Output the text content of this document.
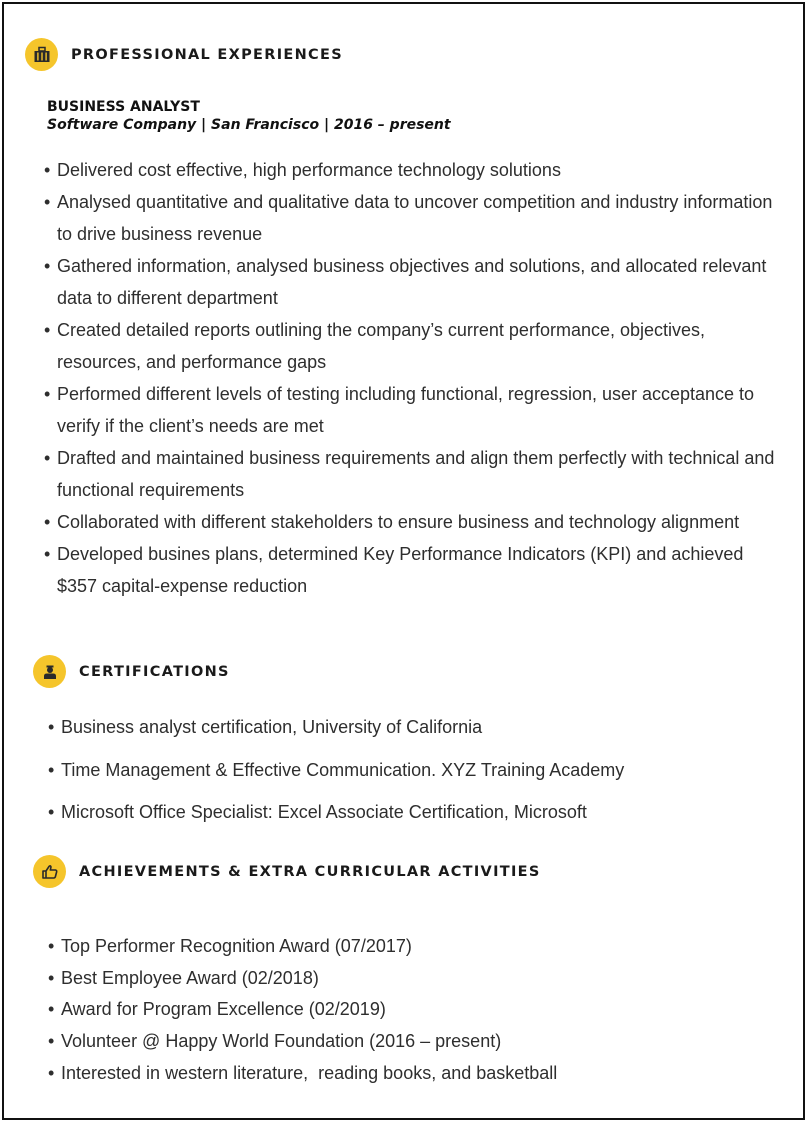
PROFESSIONAL EXPERIENCES
BUSINESS ANALYST
Software Company | San Francisco | 2016 – present
• Delivered cost effective, high performance technology solutions
• Analysed quantitative and qualitative data to uncover competition and industry information to drive business revenue
• Gathered information, analysed business objectives and solutions, and allocated relevant data to different department
• Created detailed reports outlining the company’s current performance, objectives, resources, and performance gaps
• Performed different levels of testing including functional, regression, user acceptance to verify if the client’s needs are met
• Drafted and maintained business requirements and align them perfectly with technical and functional requirements
• Collaborated with different stakeholders to ensure business and technology alignment
• Developed busines plans, determined Key Performance Indicators (KPI) and achieved $357 capital-expense reduction
CERTIFICATIONS
• Business analyst certification, University of California
• Time Management & Effective Communication. XYZ Training Academy
• Microsoft Office Specialist: Excel Associate Certification, Microsoft
ACHIEVEMENTS & EXTRA CURRICULAR ACTIVITIES
• Top Performer Recognition Award (07/2017)
• Best Employee Award (02/2018)
• Award for Program Excellence (02/2019)
• Volunteer @ Happy World Foundation (2016 – present)
• Interested in western literature,  reading books, and basketball
